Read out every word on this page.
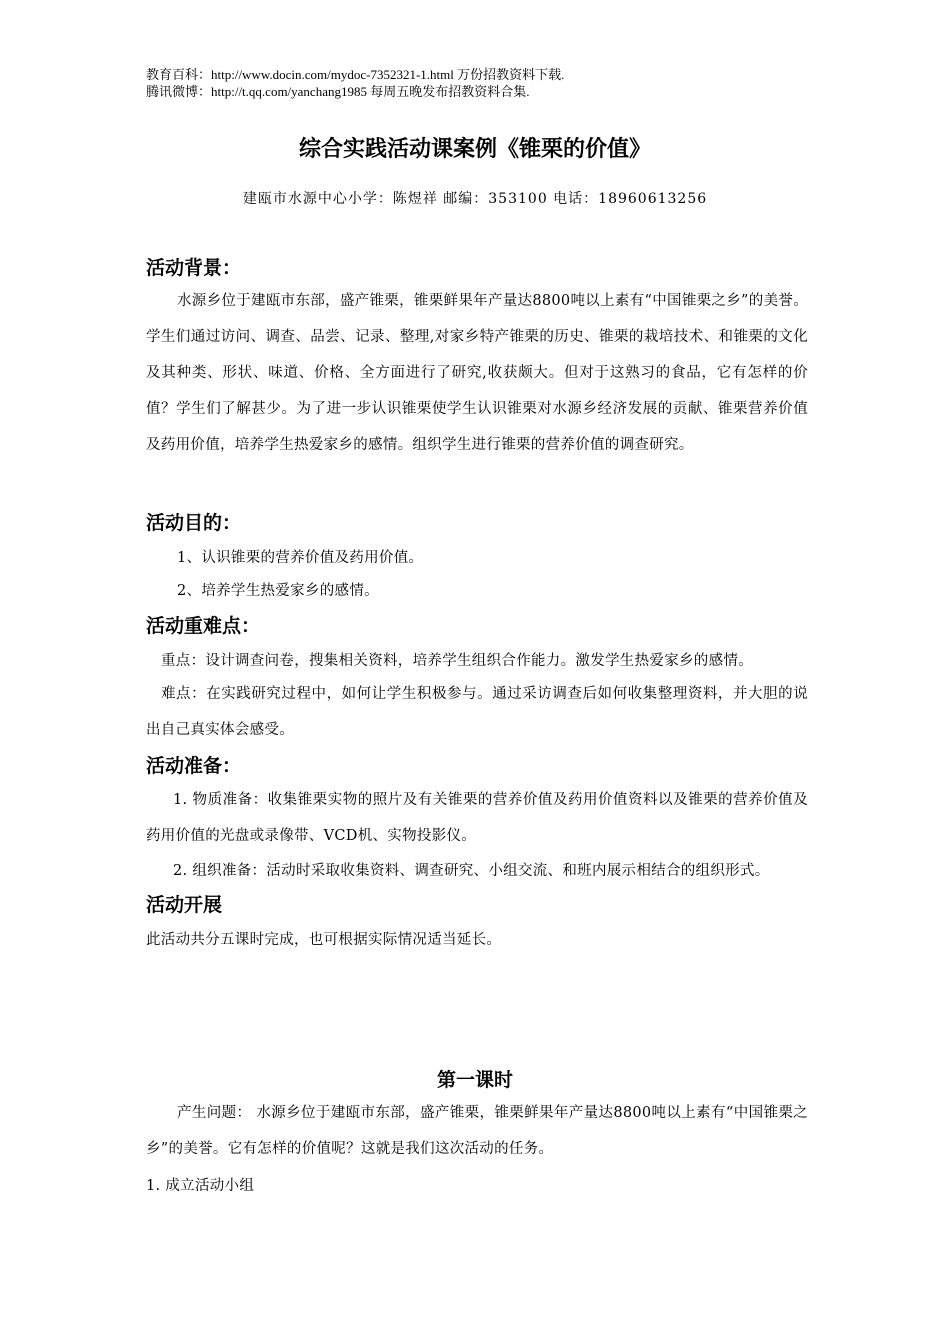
教育百科：http://www.docin.com/mydoc-7352321-1.html 万份招教资料下载.
腾讯微博：http://t.qq.com/yanchang1985 每周五晚发布招教资料合集.
综合实践活动课案例《锥栗的价值》
建瓯市水源中心小学：陈煜祥 邮编：353100 电话：18960613256
活动背景：
水源乡位于建瓯市东部，盛产锥栗，锥栗鲜果年产量达8800吨以上素有“中国锥栗之乡”的美誉。学生们通过访问、调查、品尝、记录、整理,对家乡特产锥栗的历史、锥栗的栽培技术、和锥栗的文化及其种类、形状、味道、价格、全方面进行了研究,收获颇大。但对于这熟习的食品，它有怎样的价值？学生们了解甚少。为了进一步认识锥栗使学生认识锥栗对水源乡经济发展的贡献、锥栗营养价值及药用价值，培养学生热爱家乡的感情。组织学生进行锥栗的营养价值的调查研究。
活动目的：
1、认识锥栗的营养价值及药用价值。
2、培养学生热爱家乡的感情。
活动重难点：
重点：设计调查问卷，搜集相关资料，培养学生组织合作能力。激发学生热爱家乡的感情。
难点：在实践研究过程中，如何让学生积极参与。通过采访调查后如何收集整理资料，并大胆的说出自己真实体会感受。
活动准备：
1. 物质准备：收集锥栗实物的照片及有关锥栗的营养价值及药用价值资料以及锥栗的营养价值及药用价值的光盘或录像带、VCD机、实物投影仪。
2. 组织准备：活动时采取收集资料、调查研究、小组交流、和班内展示相结合的组织形式。
活动开展
此活动共分五课时完成，也可根据实际情况适当延长。
第一课时
产生问题： 水源乡位于建瓯市东部，盛产锥栗，锥栗鲜果年产量达8800吨以上素有“中国锥栗之乡”的美誉。它有怎样的价值呢？这就是我们这次活动的任务。
1. 成立活动小组
